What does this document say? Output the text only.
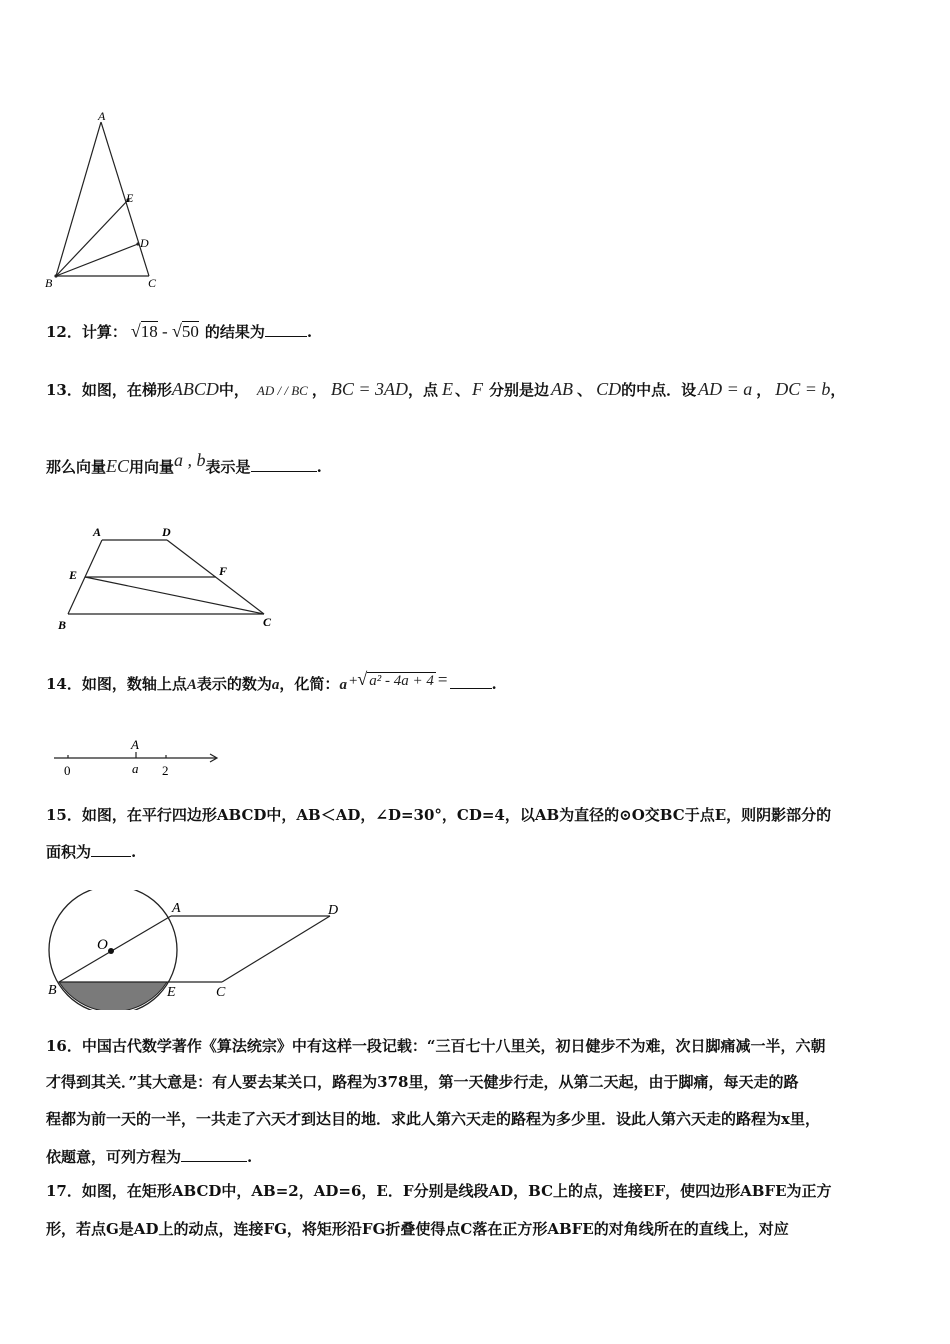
A
E
D
B	C
12．计算： √18 - √50 的结果为	.
13．如图，在梯形ABCD中， AD / / BC ， BC = 3AD，点 E 、 F 分别是边 AB 、 CD的中点．设 AD = a ， DC = b，
那么向量EC用向量a , b表示是	.
A	D
E	F
B	C
14．如图，数轴上点A表示的数为a，化简：a +√ a² - 4a + 4 =	.
A
0	a 2
15．如图，在平行四边形ABCD中，AB＜AD，∠D=30°，CD=4，以AB为直径的⊙O交BC于点E，则阴影部分的
面积为	.
A	D
O
B	E	C
16．中国古代数学著作《算法统宗》中有这样一段记载：“三百七十八里关，初日健步不为难，次日脚痛减一半，六朝
才得到其关．”其大意是：有人要去某关口，路程为378里，第一天健步行走，从第二天起，由于脚痛，每天走的路
程都为前一天的一半，一共走了六天才到达目的地．求此人第六天走的路程为多少里．设此人第六天走的路程为x里，
依题意，可列方程为	.
17．如图，在矩形ABCD中，AB=2，AD=6，E．F分别是线段AD，BC上的点，连接EF，使四边形ABFE为正方
形，若点G是AD上的动点，连接FG，将矩形沿FG折叠使得点C落在正方形ABFE的对角线所在的直线上，对应
